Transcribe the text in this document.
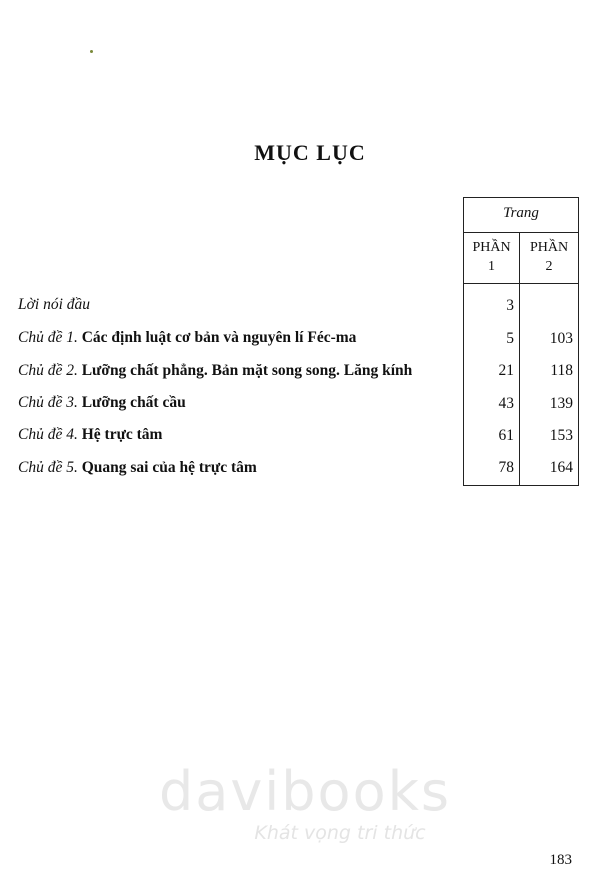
MỤC LỤC
Trang
PHẦN
1
PHẦN
2
Lời nói đầu	3
Chủ đề 1. Các định luật cơ bản và nguyên lí Féc-ma	5	103
Chủ đề 2. Lưỡng chất phẳng. Bản mặt song song. Lăng kính	21	118
Chủ đề 3. Lưỡng chất cầu	43	139
Chủ đề 4. Hệ trực tâm	61	153
Chủ đề 5. Quang sai của hệ trực tâm	78	164
davibooks
Khát vọng tri thức
183
